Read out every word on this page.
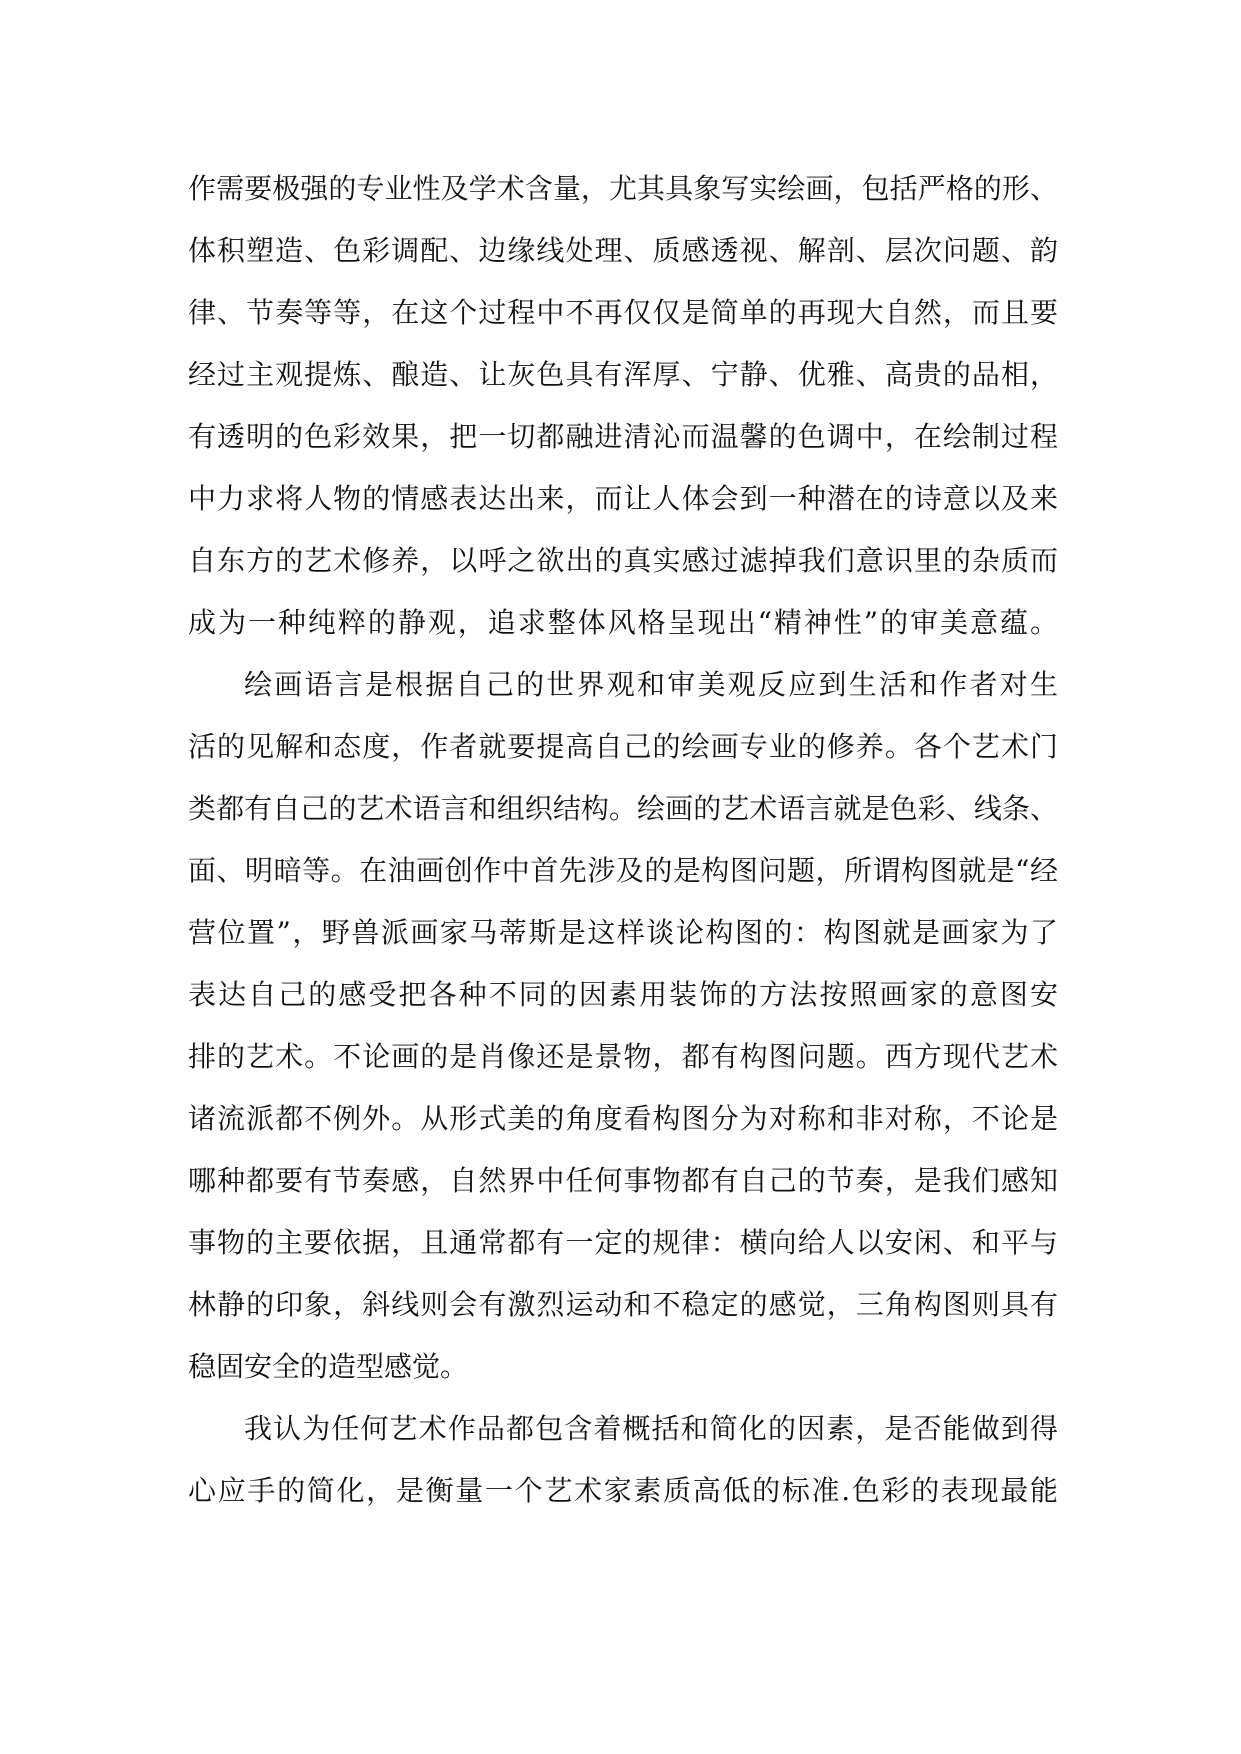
作需要极强的专业性及学术含量，尤其具象写实绘画，包括严格的形、
体积塑造、色彩调配、边缘线处理、质感透视、解剖、层次问题、韵
律、节奏等等，在这个过程中不再仅仅是简单的再现大自然，而且要
经过主观提炼、酿造、让灰色具有浑厚、宁静、优雅、高贵的品相，
有透明的色彩效果，把一切都融进清沁而温馨的色调中，在绘制过程
中力求将人物的情感表达出来，而让人体会到一种潜在的诗意以及来
自东方的艺术修养，以呼之欲出的真实感过滤掉我们意识里的杂质而
成为一种纯粹的静观，追求整体风格呈现出“精神性”的审美意蕴。
绘画语言是根据自己的世界观和审美观反应到生活和作者对生
活的见解和态度，作者就要提高自己的绘画专业的修养。各个艺术门
类都有自己的艺术语言和组织结构。绘画的艺术语言就是色彩、线条、
面、明暗等。在油画创作中首先涉及的是构图问题，所谓构图就是“经
营位置”，野兽派画家马蒂斯是这样谈论构图的：构图就是画家为了
表达自己的感受把各种不同的因素用装饰的方法按照画家的意图安
排的艺术。不论画的是肖像还是景物，都有构图问题。西方现代艺术
诸流派都不例外。从形式美的角度看构图分为对称和非对称，不论是
哪种都要有节奏感，自然界中任何事物都有自己的节奏，是我们感知
事物的主要依据，且通常都有一定的规律：横向给人以安闲、和平与
林静的印象，斜线则会有激烈运动和不稳定的感觉，三角构图则具有
稳固安全的造型感觉。
我认为任何艺术作品都包含着概括和简化的因素，是否能做到得
心应手的简化，是衡量一个艺术家素质高低的标准.色彩的表现最能
